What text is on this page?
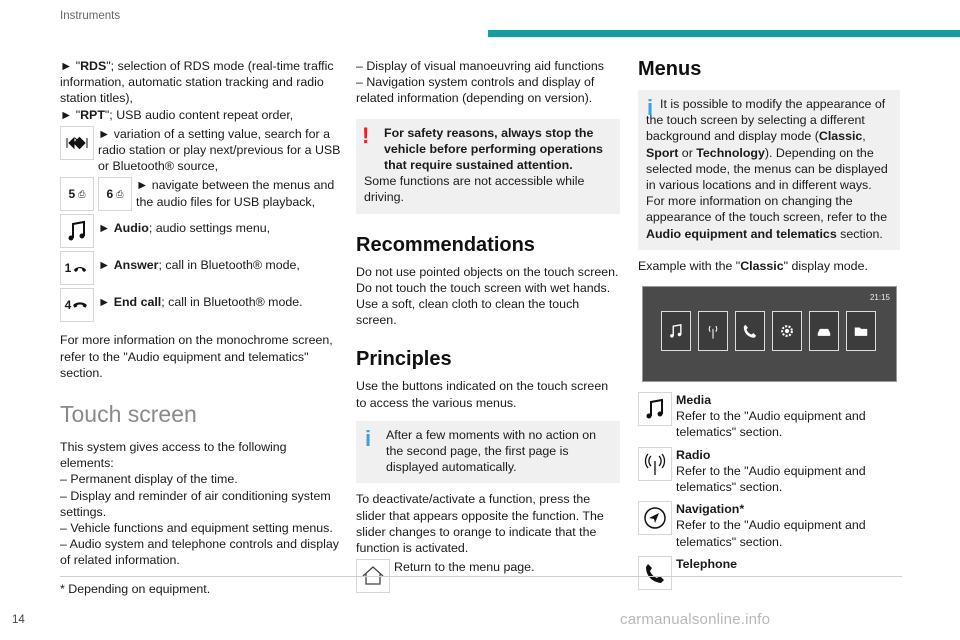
Instruments
► "RDS"; selection of RDS mode (real-time traffic information, automatic station tracking and radio station titles),
► "RPT"; USB audio content repeat order,
► variation of a setting value, search for a radio station or play next/previous for a USB or Bluetooth® source,
5 ⎙ 6 ⎙
► navigate between the menus and the audio files for USB playback,
► Audio; audio settings menu,
1 ► Answer; call in Bluetooth® mode,
4 ► End call; call in Bluetooth® mode.
For more information on the monochrome screen, refer to the "Audio equipment and telematics" section.
Touch screen
This system gives access to the following elements:
– Permanent display of the time.
– Display and reminder of air conditioning system settings.
– Vehicle functions and equipment setting menus.
– Audio system and telephone controls and display of related information.
– Display of visual manoeuvring aid functions
– Navigation system controls and display of related information (depending on version).
!	For safety reasons, always stop the vehicle before performing operations that require sustained attention.
Some functions are not accessible while driving.
Recommendations
Do not use pointed objects on the touch screen. Do not touch the touch screen with wet hands. Use a soft, clean cloth to clean the touch screen.
Principles
Use the buttons indicated on the touch screen to access the various menus.
i	After a few moments with no action on the second page, the first page is displayed automatically.
To deactivate/activate a function, press the slider that appears opposite the function. The slider changes to orange to indicate that the function is activated.
Return to the menu page.
Menus
i It is possible to modify the appearance of the touch screen by selecting a different background and display mode (Classic, Sport or Technology). Depending on the selected mode, the menus can be displayed in various locations and in different ways. For more information on changing the appearance of the touch screen, refer to the Audio equipment and telematics section.
Example with the "Classic" display mode.
21:15
Media
Refer to the "Audio equipment and telematics" section.
Radio
Refer to the "Audio equipment and telematics" section.
Navigation*
Refer to the "Audio equipment and telematics" section.
Telephone

* Depending on equipment.
14	carmanualsonline.info
